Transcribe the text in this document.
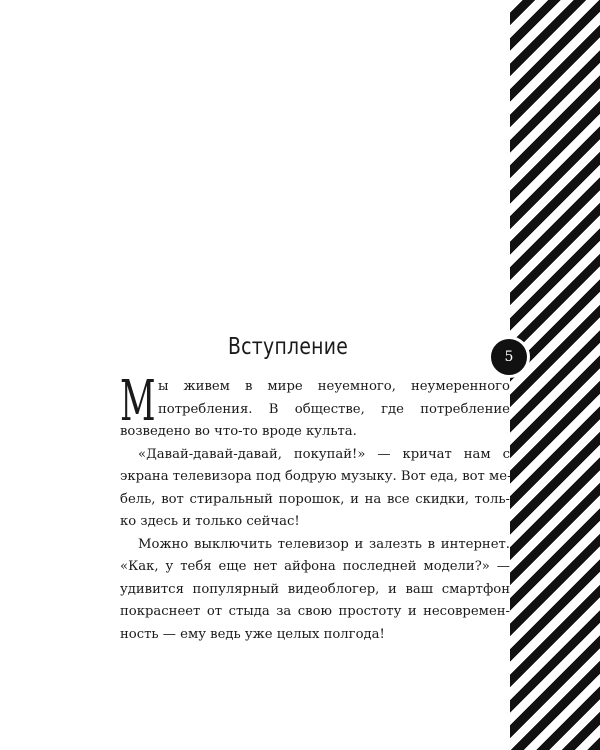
5
Вступление
М ы живем в мире неуемного, неумеренного
потребления. В обществе, где потребление
возведено во что-то вроде культа.
«Давай-давай-давай, покупай!» — кричат нам с
экрана телевизора под бодрую музыку. Вот еда, вот ме-
бель, вот стиральный порошок, и на все скидки, толь-
ко здесь и только сейчас!
Можно выключить телевизор и залезть в интернет.
«Как, у тебя еще нет айфона последней модели?» —
удивится популярный видеоблогер, и ваш смартфон
покраснеет от стыда за свою простоту и несовремен-
ность — ему ведь уже целых полгода!
